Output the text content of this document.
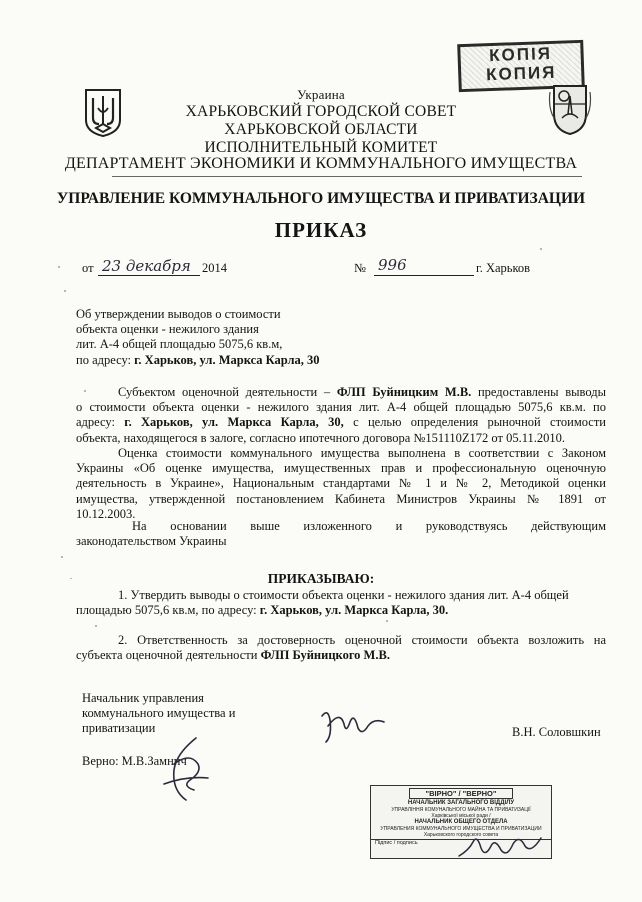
КОПІЯ
КОПИЯ
Украина
ХАРЬКОВСКИЙ ГОРОДСКОЙ СОВЕТ
ХАРЬКОВСКОЙ ОБЛАСТИ
ИСПОЛНИТЕЛЬНЫЙ КОМИТЕТ
ДЕПАРТАМЕНТ ЭКОНОМИКИ И КОММУНАЛЬНОГО ИМУЩЕСТВА
УПРАВЛЕНИЕ КОММУНАЛЬНОГО ИМУЩЕСТВА И ПРИВАТИЗАЦИИ
ПРИКАЗ
от 23 декабря 2014	№ 996	г. Харьков
Об утверждении выводов о стоимости
объекта оценки - нежилого здания
лит. А-4 общей площадью 5075,6 кв.м,
по адресу: г. Харьков, ул. Маркса Карла, 30
Субъектом оценочной деятельности – ФЛП Буйницким М.В. предоставлены выводы
о стоимости объекта оценки - нежилого здания лит. А-4 общей площадью 5075,6 кв.м. по
адресу: г. Харьков, ул. Маркса Карла, 30, с целью определения рыночной стоимости
объекта, находящегося в залоге, согласно ипотечного договора №151110Z172 от 05.11.2010.
Оценка стоимости коммунального имущества выполнена в соответствии с Законом
Украины «Об оценке имущества, имущественных прав и профессиональную оценочную
деятельность в Украине», Национальным стандартами № 1 и № 2, Методикой оценки
имущества, утвержденной постановлением Кабинета Министров Украины № 1891 от
10.12.2003.
На основании выше изложенного и руководствуясь действующим
законодательством Украины
ПРИКАЗЫВАЮ:
1. Утвердить выводы о стоимости объекта оценки - нежилого здания лит. А-4 общей
площадью 5075,6 кв.м, по адресу: г. Харьков, ул. Маркса Карла, 30.
2. Ответственность за достоверность оценочной стоимости объекта возложить на
субъекта оценочной деятельности ФЛП Буйницкого М.В.
Начальник управления
коммунального имущества и
приватизации	В.Н. Соловшкин
Верно: М.В.Замнич
"ВІРНО" / "ВЕРНО"
НАЧАЛЬНИК ЗАГАЛЬНОГО ВІДДІЛУ
УПРАВЛІННЯ КОМУНАЛЬНОГО МАЙНА ТА ПРИВАТИЗАЦІЇ
Харківської міської ради /
НАЧАЛЬНИК ОБЩЕГО ОТДЕЛА
УПРАВЛЕНИЯ КОММУНАЛЬНОГО ИМУЩЕСТВА И ПРИВАТИЗАЦИИ
Харьковского городского совета
Підпис / подпись
